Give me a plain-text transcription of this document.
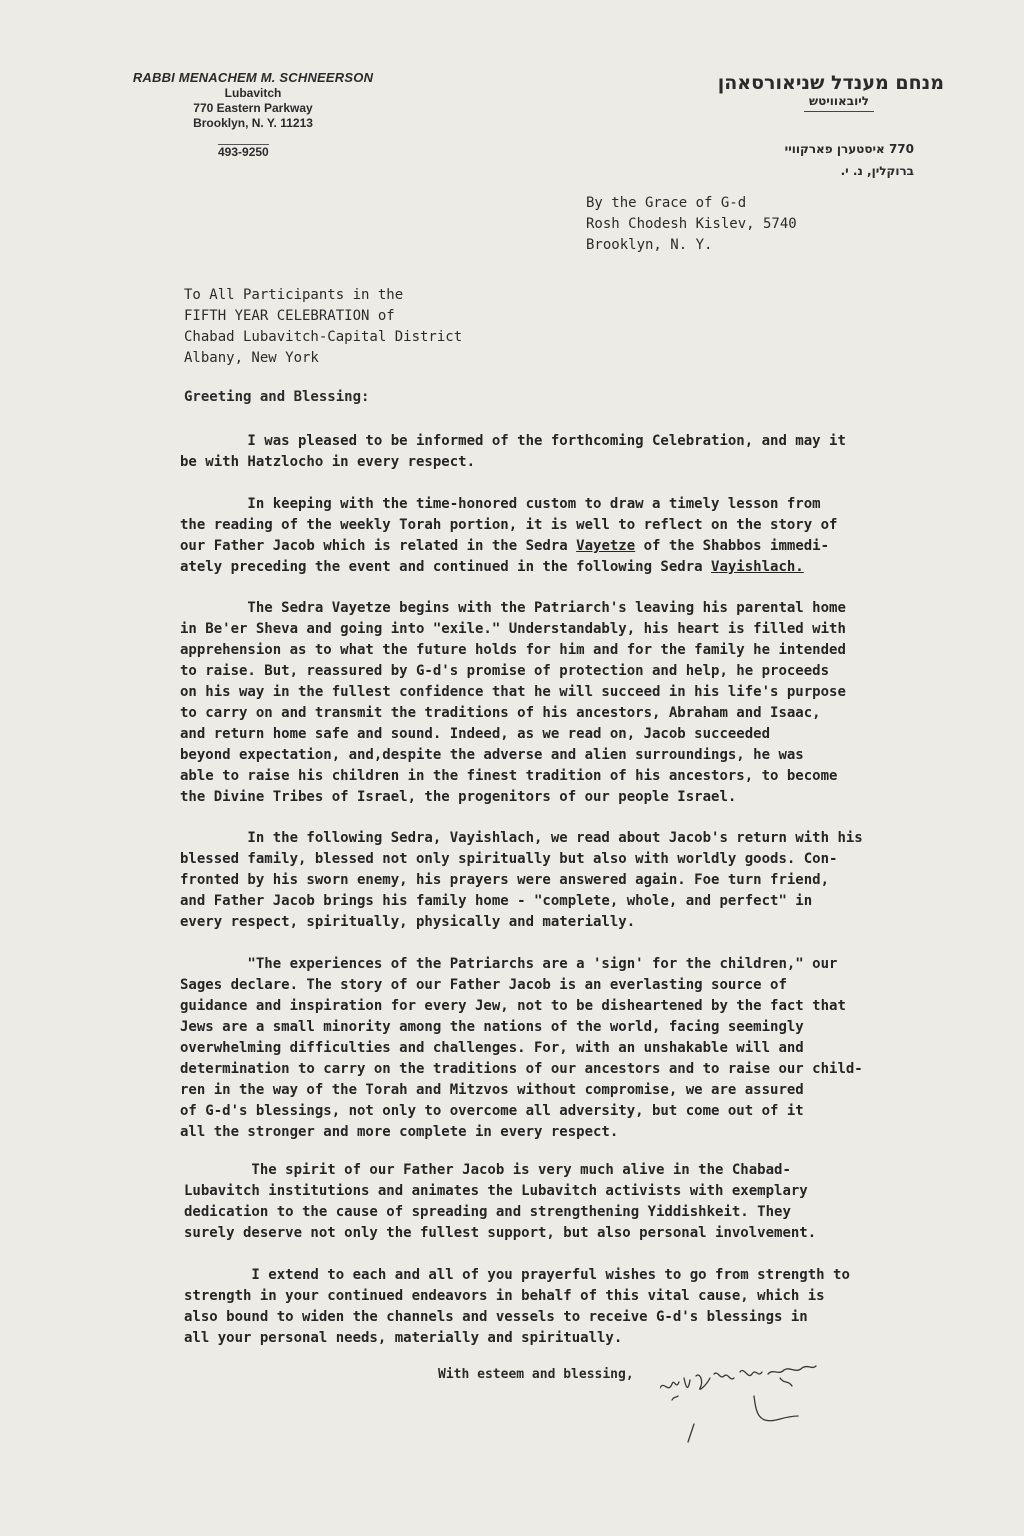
RABBI MENACHEM M. SCHNEERSON
Lubavitch
770 Eastern Parkway
Brooklyn, N. Y. 11213
493-9250
מנחם מענדל שניאורסאהן
ליובאוויטש
770 איסטערן פארקוויי
ברוקלין, נ. י.
By the Grace of G-d
Rosh Chodesh Kislev, 5740
Brooklyn, N. Y.
To All Participants in the
FIFTH YEAR CELEBRATION of
Chabad Lubavitch-Capital District
Albany, New York
Greeting and Blessing:
I was pleased to be informed of the forthcoming Celebration, and may it
be with Hatzlocho in every respect.
In keeping with the time-honored custom to draw a timely lesson from
the reading of the weekly Torah portion, it is well to reflect on the story of
our Father Jacob which is related in the Sedra Vayetze of the Shabbos immedi-
ately preceding the event and continued in the following Sedra Vayishlach.
The Sedra Vayetze begins with the Patriarch's leaving his parental home
in Be'er Sheva and going into "exile." Understandably, his heart is filled with
apprehension as to what the future holds for him and for the family he intended
to raise. But, reassured by G-d's promise of protection and help, he proceeds
on his way in the fullest confidence that he will succeed in his life's purpose
to carry on and transmit the traditions of his ancestors, Abraham and Isaac,
and return home safe and sound. Indeed, as we read on, Jacob succeeded
beyond expectation, and,despite the adverse and alien surroundings, he was
able to raise his children in the finest tradition of his ancestors, to become
the Divine Tribes of Israel, the progenitors of our people Israel.
In the following Sedra, Vayishlach, we read about Jacob's return with his
blessed family, blessed not only spiritually but also with worldly goods. Con-
fronted by his sworn enemy, his prayers were answered again. Foe turn friend,
and Father Jacob brings his family home - "complete, whole, and perfect" in
every respect, spiritually, physically and materially.
"The experiences of the Patriarchs are a 'sign' for the children," our
Sages declare. The story of our Father Jacob is an everlasting source of
guidance and inspiration for every Jew, not to be disheartened by the fact that
Jews are a small minority among the nations of the world, facing seemingly
overwhelming difficulties and challenges. For, with an unshakable will and
determination to carry on the traditions of our ancestors and to raise our child-
ren in the way of the Torah and Mitzvos without compromise, we are assured
of G-d's blessings, not only to overcome all adversity, but come out of it
all the stronger and more complete in every respect.
The spirit of our Father Jacob is very much alive in the Chabad-
Lubavitch institutions and animates the Lubavitch activists with exemplary
dedication to the cause of spreading and strengthening Yiddishkeit. They
surely deserve not only the fullest support, but also personal involvement.
I extend to each and all of you prayerful wishes to go from strength to
strength in your continued endeavors in behalf of this vital cause, which is
also bound to widen the channels and vessels to receive G-d's blessings in
all your personal needs, materially and spiritually.
With esteem and blessing,
